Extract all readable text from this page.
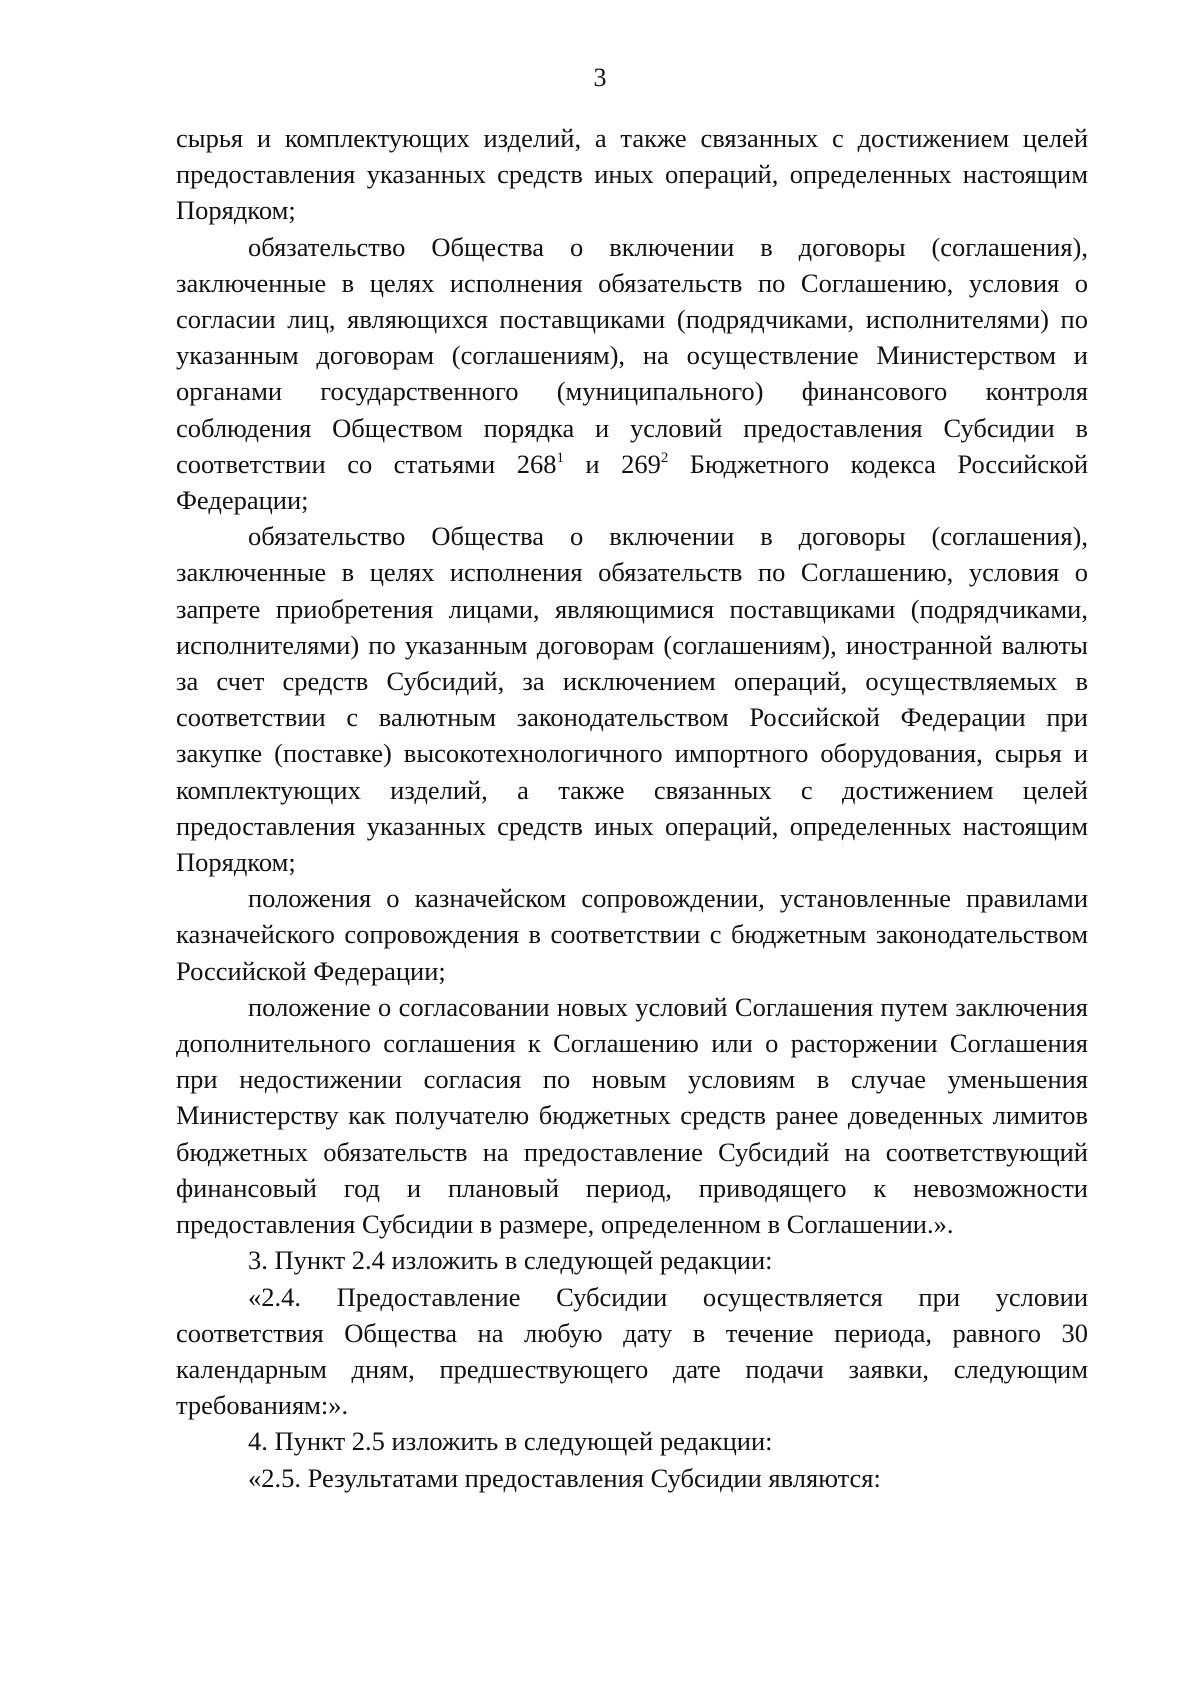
3

сырья и комплектующих изделий, а также связанных с достижением целей предоставления указанных средств иных операций, определенных настоящим Порядком;

обязательство Общества о включении в договоры (соглашения), заключенные в целях исполнения обязательств по Соглашению, условия о согласии лиц, являющихся поставщиками (подрядчиками, исполнителями) по указанным договорам (соглашениям), на осуществление Министерством и органами государственного (муниципального) финансового контроля соблюдения Обществом порядка и условий предоставления Субсидии в соответствии со статьями $268^1$ и $269^2$ Бюджетного кодекса Российской Федерации;

обязательство Общества о включении в договоры (соглашения), заключенные в целях исполнения обязательств по Соглашению, условия о запрете приобретения лицами, являющимися поставщиками (подрядчиками, исполнителями) по указанным договорам (соглашениям), иностранной валюты за счет средств Субсидий, за исключением операций, осуществляемых в соответствии с валютным законодательством Российской Федерации при закупке (поставке) высокотехнологичного импортного оборудования, сырья и комплектующих изделий, а также связанных с достижением целей предоставления указанных средств иных операций, определенных настоящим Порядком;

положения о казначейском сопровождении, установленные правилами казначейского сопровождения в соответствии с бюджетным законодательством Российской Федерации;

положение о согласовании новых условий Соглашения путем заключения дополнительного соглашения к Соглашению или о расторжении Соглашения при недостижении согласия по новым условиям в случае уменьшения Министерству как получателю бюджетных средств ранее доведенных лимитов бюджетных обязательств на предоставление Субсидий на соответствующий финансовый год и плановый период, приводящего к невозможности предоставления Субсидии в размере, определенном в Соглашении.».

3. Пункт 2.4 изложить в следующей редакции:

«2.4. Предоставление Субсидии осуществляется при условии соответствия Общества на любую дату в течение периода, равного 30 календарным дням, предшествующего дате подачи заявки, следующим требованиям:».

4. Пункт 2.5 изложить в следующей редакции:

«2.5. Результатами предоставления Субсидии являются:
